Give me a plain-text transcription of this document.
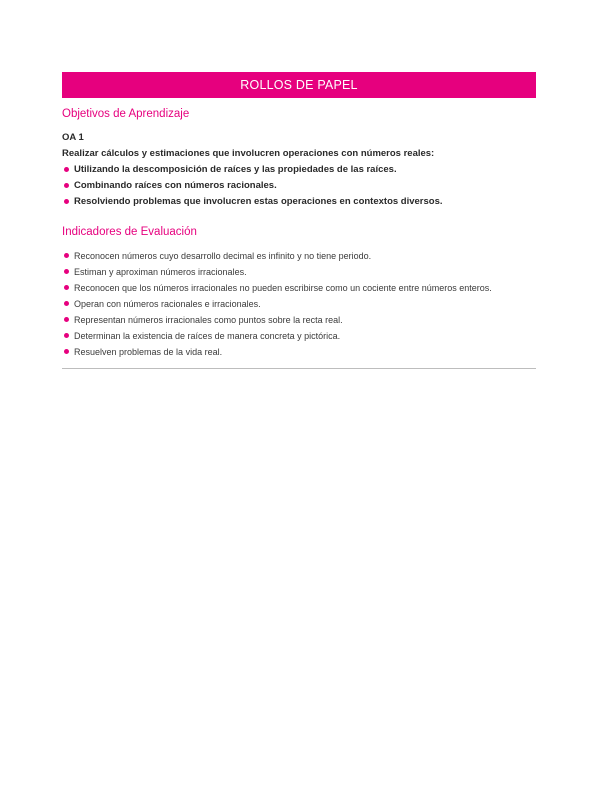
ROLLOS DE PAPEL
Objetivos de Aprendizaje
OA 1
Realizar cálculos y estimaciones que involucren operaciones con números reales:
Utilizando la descomposición de raíces y las propiedades de las raíces.
Combinando raíces con números racionales.
Resolviendo problemas que involucren estas operaciones en contextos diversos.
Indicadores de Evaluación
Reconocen números cuyo desarrollo decimal es infinito y no tiene periodo.
Estiman y aproximan números irracionales.
Reconocen que los números irracionales no pueden escribirse como un cociente entre números enteros.
Operan con números racionales e irracionales.
Representan números irracionales como puntos sobre la recta real.
Determinan la existencia de raíces de manera concreta y pictórica.
Resuelven problemas de la vida real.
